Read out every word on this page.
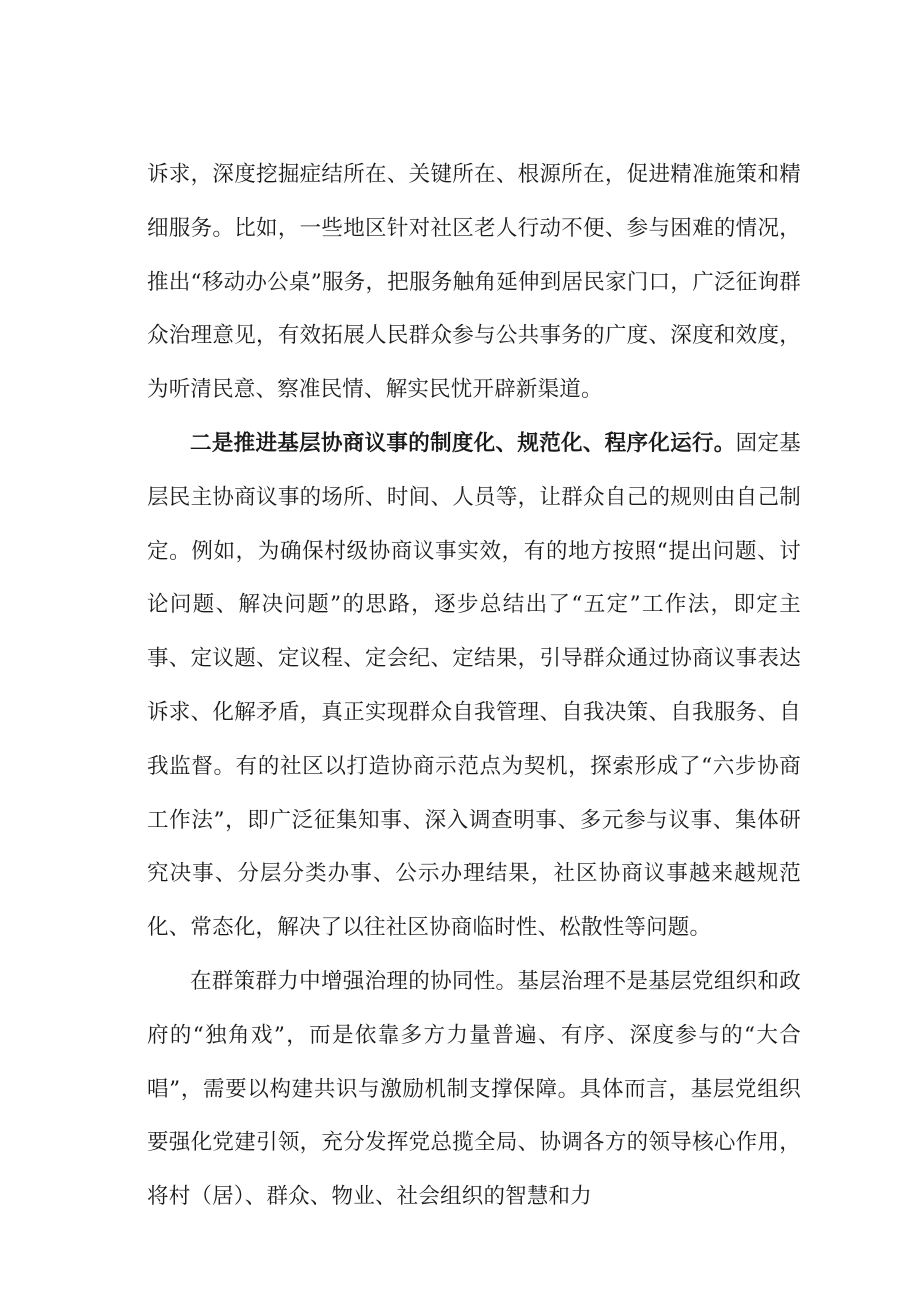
诉求，深度挖掘症结所在、关键所在、根源所在，促进精准施策和精细服务。比如，一些地区针对社区老人行动不便、参与困难的情况，推出“移动办公桌”服务，把服务触角延伸到居民家门口，广泛征询群众治理意见，有效拓展人民群众参与公共事务的广度、深度和效度，为听清民意、察准民情、解实民忧开辟新渠道。

二是推进基层协商议事的制度化、规范化、程序化运行。固定基层民主协商议事的场所、时间、人员等，让群众自己的规则由自己制定。例如，为确保村级协商议事实效，有的地方按照“提出问题、讨论问题、解决问题”的思路，逐步总结出了“五定”工作法，即定主事、定议题、定议程、定会纪、定结果，引导群众通过协商议事表达诉求、化解矛盾，真正实现群众自我管理、自我决策、自我服务、自我监督。有的社区以打造协商示范点为契机，探索形成了“六步协商工作法”，即广泛征集知事、深入调查明事、多元参与议事、集体研究决事、分层分类办事、公示办理结果，社区协商议事越来越规范化、常态化，解决了以往社区协商临时性、松散性等问题。

在群策群力中增强治理的协同性。基层治理不是基层党组织和政府的“独角戏”，而是依靠多方力量普遍、有序、深度参与的“大合唱”，需要以构建共识与激励机制支撑保障。具体而言，基层党组织要强化党建引领，充分发挥党总揽全局、协调各方的领导核心作用，将村（居）、群众、物业、社会组织的智慧和力
